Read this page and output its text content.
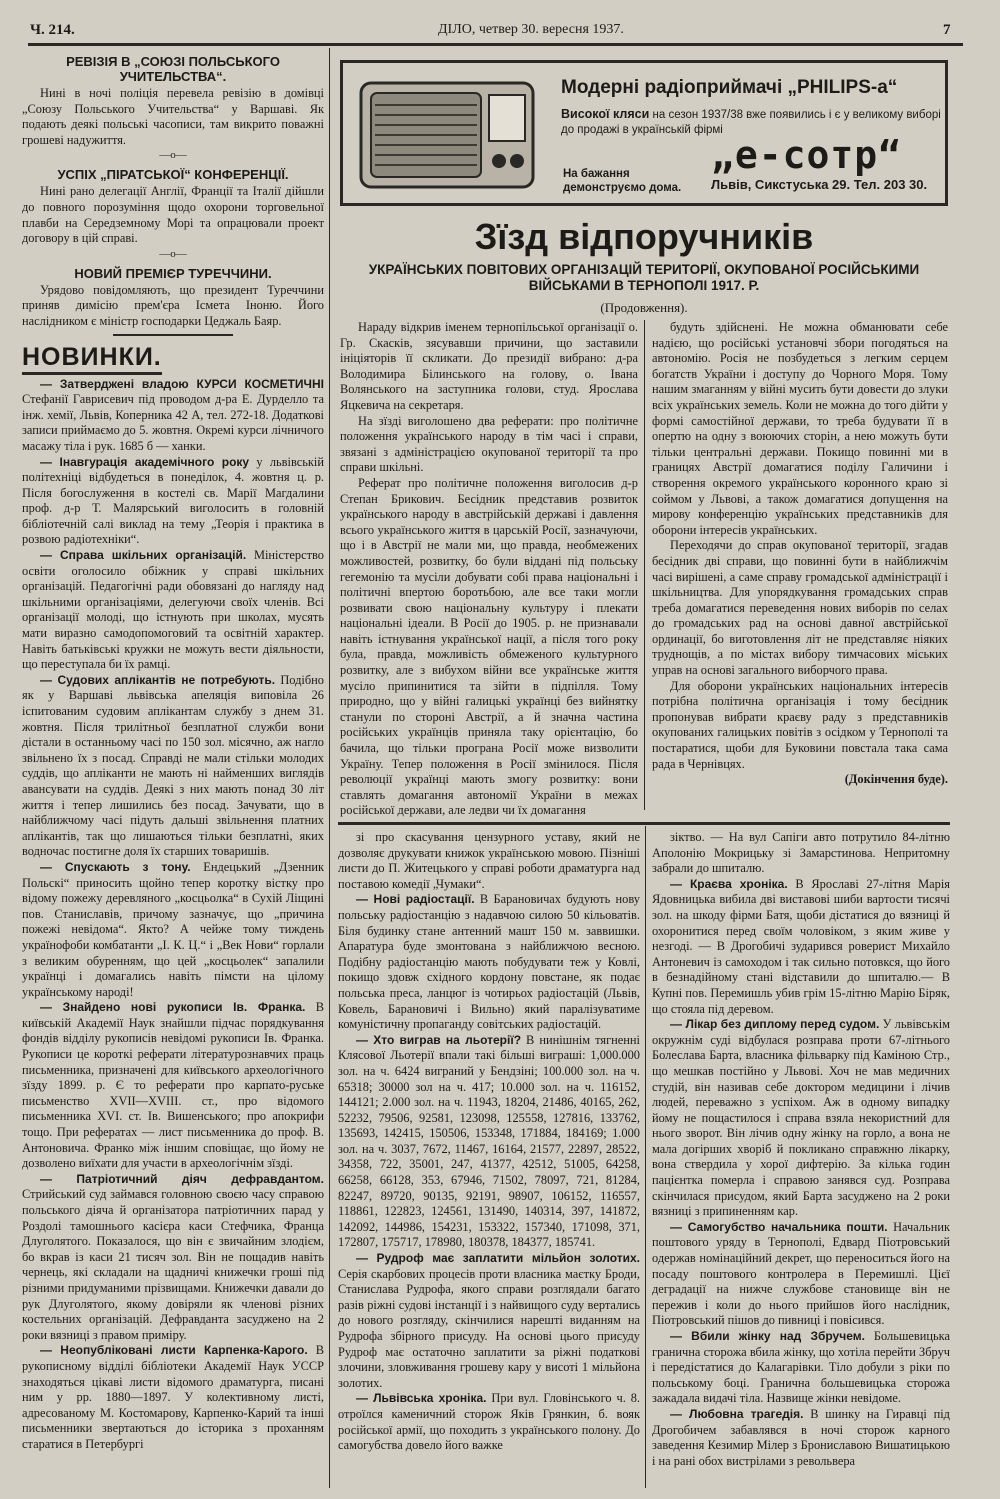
Ч. 214.	ДІЛО, четвер 30. вересня 1937.	7
РЕВІЗІЯ В „СОЮЗІ ПОЛЬСЬКОГО УЧИТЕЛЬСТВА“.

Нині в ночі поліція перевела ревізію в домівці „Союзу Польського Учительства“ у Варшаві. Як подають деякі польські часописи, там викрито поважні грошеві надужиття.

—o—
УСПІХ „ПІРАТСЬКОЇ“ КОНФЕРЕНЦІЇ.

Нині рано делегації Англії, Франції та Італії дійшли до повного порозуміння щодо охорони торговельної плавби на Середземному Морі та опрацювали проект договору в цій справі.

—o—
НОВИЙ ПРЕМІЄР ТУРЕЧЧИНИ.

Урядово повідомляють, що президент Туреччини приняв димісію прем'єра Ісмета Іноню. Його наслідником є міністр господарки Цеджаль Баяр.

НОВИНКИ.

— Затверджені владою КУРСИ КОСМЕТИЧНІ Стефанії Гаврисевич під проводом д-ра Е. Дурделло та інж. хемії, Львів, Коперника 42 А, тел. 272-18. Додаткові записи приймаємо до 5. жовтня. Окремі курси лічничого масажу тіла і рук. 1685 б — ханки.

— Інавгурація академічного року у львівській політехніці відбудеться в понеділок, 4. жовтня ц. р. Після богослуження в костелі св. Марії Магдалини проф. д-р Т. Малярський виголосить в головній бібліотечній салі виклад на тему „Теорія і практика в розвою радіотехніки“.

— Справа шкільних організацій. Міністерство освіти оголосило обіжник у справі шкільних організацій. Педагогічні ради обовязані до нагляду над шкільними організаціями, делегуючи своїх членів. Всі організації молоді, що істнують при школах, мусять мати виразно самодопомоговий та освітній характер. Навіть батьківські кружки не можуть вести діяльности, що переступала би їх рамці.

— Судових аплікантів не потребують. Подібно як у Варшаві львівська апеляція виповіла 26 іспитованим судовим аплікантам службу з днем 31. жовтня. Після трилітньої безплатної служби вони дістали в останньому часі по 150 зол. місячно, аж нагло звільнено їх з посад. Справді не мали стільки молодих суддів, що апліканти не мають ні найменших виглядів авансувати на суддів. Деякі з них мають понад 30 літ життя і тепер лишились без посад. Зачувати, що в найближчому часі підуть дальші звільнення платних аплікантів, так що лишаються тільки безплатні, яких водночас постигне доля їх старших товаришів.

— Спускають з тону. Ендецький „Дзенник Польскі“ приносить щойно тепер коротку вістку про відому пожежу деревляного „косцьолка“ в Сухій Ліщині пов. Станиславів, причому зазначує, що „причина пожежі невідома“. Якто? А чейже тому тиждень українофоби комбатанти „І. К. Ц.“ і „Век Нови“ горлали з великим обуренням, що цей „косцьолек“ запалили українці і домагались навіть пімсти на цілому українському народі!

— Знайдено нові рукописи Ів. Франка. В київській Академії Наук знайшли підчас порядкування фондів відділу рукописів невідомі рукописи Ів. Франка. Рукописи це короткі реферати літературознавчих праць письменника, призначені для київського археологічного зїзду 1899. р. Є то реферати про карпато-руське письменство XVII—XVIII. ст., про відомого письменника XVI. ст. Ів. Вишенського; про апокрифи тощо. При рефератах — лист письменника до проф. В. Антоновича. Франко між іншим сповіщає, що йому не дозволено виїхати для участи в археологічнім зїзді.

— Патріотичний діяч дефравдантом. Стрийський суд займався головною своєю часу справою польського діяча й організатора патріотичних парад у Роздолі тамошнього касієра каси Стефчика, Франца Длуголятого. Показалося, що він є звичайним злодієм, бо вкрав із каси 21 тисяч зол. Він не пощадив навіть чернець, які складали на щадничі книжечки гроші під різними придуманими прізвищами. Книжечки давали до рук Длуголятого, якому довіряли як членові різних костельних організацій. Дефравданта засуджено на 2 роки вязниці з правом приміру.

— Неопубліковані листи Карпенка-Карого. В рукописному відділі бібліотеки Академії Наук УССР знаходяться цікаві листи відомого драматурга, писані ним у рр. 1880—1897. У колективному листі, адресованому М. Костомарову, Карпенко-Карий та інші письменники звертаються до історика з проханням старатися в Петербургі

Модерні радіоприймачі „PHILIPS-а“
Високої кляси на сезон 1937/38 вже появились і є у великому виборі до продажі в українській фірмі
На бажання демонструємо дома.
„е-сотр“
Львів, Сикстуська 29. Тел. 203 30.
Зїзд відпоручників
УКРАЇНСЬКИХ ПОВІТОВИХ ОРГАНІЗАЦІЙ ТЕРИТОРІЇ, ОКУПОВАНОЇ РОСІЙСЬКИМИ ВІЙСЬКАМИ В ТЕРНОПОЛІ 1917. Р.
(Продовження).

Нараду відкрив іменем тернопільської організації о. Гр. Скасків, зясувавши причини, що заставили ініціяторів її скликати. До президії вибрано: д-ра Володимира Білинського на голову, о. Івана Волянського на заступника голови, студ. Ярослава Яцкевича на секретаря.

На зїзді виголошено два реферати: про політичне положення українського народу в тім часі і справи, звязані з адміністрацією окупованої території та про справи шкільні.

Реферат про політичне положення виголосив д-р Степан Брикович. Бесідник представив розвиток українського народу в австрійській державі і давлення всього українського життя в царській Росії, зазначуючи, що і в Австрії не мали ми, що правда, необмежених можливостей, розвитку, бо були віддані під польську гегемонію та мусіли добувати собі права національні і політичні впертою боротьбою, але все таки могли розвивати свою національну культуру і плекати національні ідеали. В Росії до 1905. р. не признавали навіть істнування української нації, а після того року була, правда, можливість обмеженого культурного розвитку, але з вибухом війни все українське життя мусіло припинитися та зійти в підпілля. Тому природно, що у війні галицькі українці без вийнятку станули по стороні Австрії, а й значна частина російських українців приняла таку орієнтацію, бо бачила, що тільки програна Росії може визволити Україну. Тепер положення в Росії змінилося. Після революції українці мають змогу розвитку: вони ставлять домагання автономії України в межах російської держави, але ледви чи їх домагання

будуть здійснені. Не можна обманювати себе надією, що російські установчі збори погодяться на автономію. Росія не позбудеться з легким серцем богатств України і доступу до Чорного Моря. Тому нашим змаганням у війні мусить бути довести до злуки всіх українських земель. Коли не можна до того дійти у формі самостійної держави, то треба будувати її в опертю на одну з воюючих сторін, а нею можуть бути тільки центральні держави. Покищо повинні ми в границях Австрії домагатися поділу Галичини і створення окремого українського коронного краю зі соймом у Львові, а також домагатися допущення на мирову конференцію українських представників для оборони інтересів українських.

Переходячи до справ окупованої території, згадав бесідник дві справи, що повинні бути в найближчім часі вирішені, а саме справу громадської адміністрації і шкільництва. Для упорядкування громадських справ треба домагатися переведення нових виборів по селах до громадських рад на основі давної австрійської ординації, бо виготовлення літ не представляє ніяких труднощів, а по містах вибору тимчасових міських управ на основі загального виборчого права.

Для оборони українських національних інтересів потрібна політична організація і тому бесідник пропонував вибрати краєву раду з представників окупованих галицьких повітів з осідком у Тернополі та постаратися, щоби для Буковини повстала така сама рада в Чернівцях.

(Докінчення буде).

зі про скасування цензурного уставу, який не дозволяє друкувати книжок українською мовою. Пізніші листи до П. Житецького у справі роботи драматурга над поставою комедії „Чумаки“.

— Нові радіостації. В Барановичах будують нову польську радіостанцію з надавчою силою 50 кільоватів. Біля будинку стане антенний машт 150 м. заввишки. Апаратура буде змонтована з найближчою весною. Подібну радіостанцію мають побудувати теж у Ковлі, покищо здовж східного кордону повстане, як подає польська преса, ланцюг із чотирьох радіостацій (Львів, Ковель, Барановичі і Вильно) який паралізуватиме комуністичну пропаганду совітських радіостацій.

— Хто виграв на льотерії? В нинішнім тягненні Клясової Льотерії впали такі більші виграші: 1,000.000 зол. на ч. 6424 виграний у Бендзіні; 100.000 зол. на ч. 65318; 30000 зол на ч. 417; 10.000 зол. на ч. 116152, 144121; 2.000 зол. на ч. 11943, 18204, 21486, 40165, 262, 52232, 79506, 92581, 123098, 125558, 127816, 133762, 135693, 142415, 150506, 153348, 171884, 184169; 1.000 зол. на ч. 3037, 7672, 11467, 16164, 21577, 22897, 28522, 34358, 722, 35001, 247, 41377, 42512, 51005, 64258, 66258, 66128, 353, 67946, 71502, 78097, 721, 81284, 82247, 89720, 90135, 92191, 98907, 106152, 116557, 118861, 122823, 124561, 131490, 140314, 397, 141872, 142092, 144986, 154231, 153322, 157340, 171098, 371, 172807, 175717, 178980, 180378, 184377, 185741.

— Рудроф має заплатити мільйон золотих. Серія скарбових процесів проти власника маєтку Броди, Станислава Рудрофа, якого справи розглядали багато разів ріжні судові інстанції і з найвищого суду вертались до нового розгляду, скінчилися нарешті виданням на Рудрофа збірного присуду. На основі цього присуду Рудроф має остаточно заплатити за ріжні податкові злочини, зловживання грошеву кару у висоті 1 мільйона золотих.

— Львівська хроніка. При вул. Гловінського ч. 8. отроїлся каменичний сторож Яків Грянкин, б. вояк російської армії, що походить з українського полону. До самогубства довело його важке

зіктво. — На вул Сапіги авто потрутило 84-літню Аполонію Мокрицьку зі Замарстинова. Непритомну забрали до шпиталю.

— Краєва хроніка. В Ярославі 27-літня Марія Ядовницька вибила дві виставові шиби вартости тисячі зол. на шкоду фірми Батя, щоби дістатися до вязниці й охоронитися перед своїм чоловіком, з яким живе у незгоді. — В Дрогобичі зударився ровериcт Михайло Антоневич із самоходом і так сильно потовкся, що його в безнадійному стані відставили до шпиталю.— В Купні пов. Перемишль убив грім 15-літню Марію Біряк, що стояла під деревом.

— Лікар без диплому перед судом. У львівськім окружнім суді відбулася розправа проти 67-літнього Болеслава Барта, власника фільварку під Каміною Стр., що мешкав постійно у Львові. Хоч не мав медичних студій, він називав себе доктором медицини і лічив людей, переважно з успіхом. Аж в одному випадку йому не пощастилося і справа взяла некористний для нього зворот. Він лічив одну жінку на горло, а вона не мала догірших хворіб й покликано справжню лікарку, вона ствердила у хорої дифтерію. За кілька годин пацієнтка померла і справою занявся суд. Розправа скінчилася присудом, який Бартa засуджено на 2 роки вязниці з припиненням кар.

— Самогубство начальника пошти. Начальник поштового уряду в Тернополі, Едвард Піотровський одержав номінаційний декрет, що переноситься його на посаду поштового контролера в Перемишлі. Цієї деградації на нижче службове становище він не пережив і коли до нього прийшов його наслідник, Піотровський пішов до пивниці і повісився.

— Вбили жінку над Збручем. Большевицька гранична сторожа вбила жінку, що хотіла перейти Збруч і передістатися до Калагарівки. Тіло добули з ріки по польському боці. Гранична большевицька сторожа зажадала видачі тіла. Назвище жінки невідоме.

— Любовна трагедія. В шинку на Гиравці під Дрогобичем забавлявся в ночі сторож карного заведення Кезимир Мілер з Брониславою Вишатицькою і на рані обох вистрілами з револьвера
